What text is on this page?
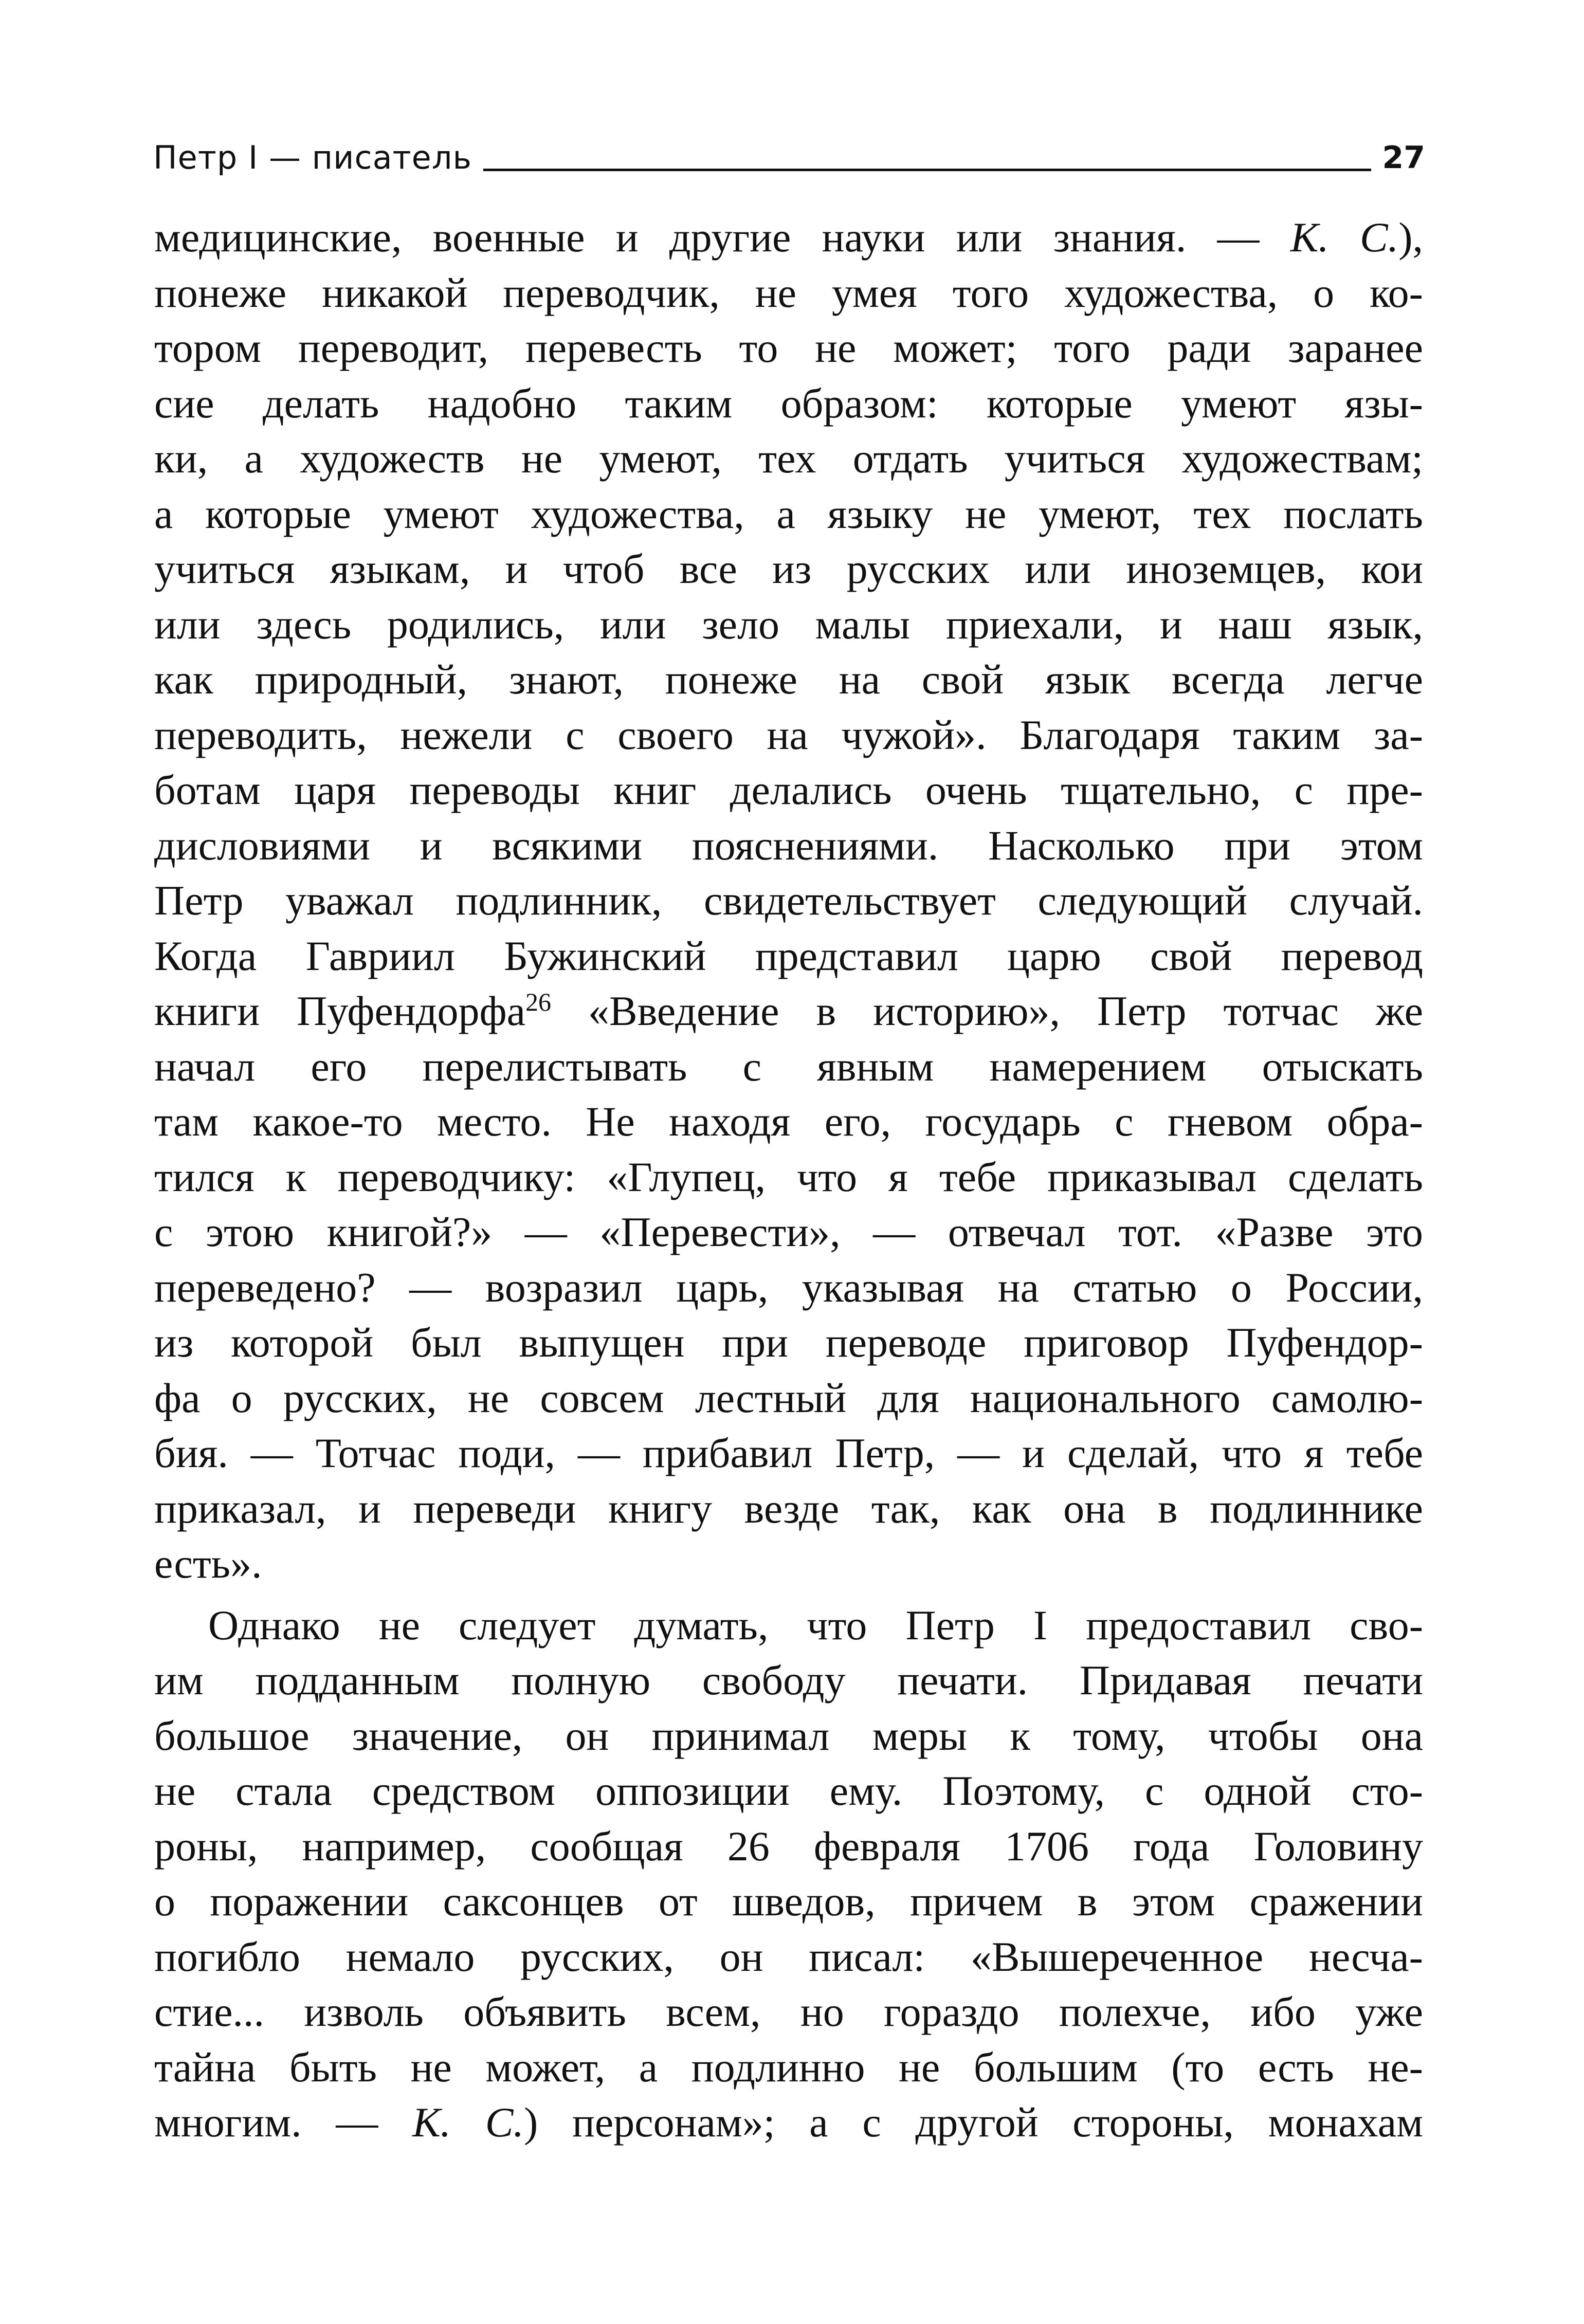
Петр I — писатель	27
медицинские, военные и другие науки или знания. — К. С.),
понеже никакой переводчик, не умея того художества, о ко-
тором переводит, перевесть то не может; того ради заранее
сие делать надобно таким образом: которые умеют язы-
ки, а художеств не умеют, тех отдать учиться художествам;
а которые умеют художества, а языку не умеют, тех послать
учиться языкам, и чтоб все из русских или иноземцев, кои
или здесь родились, или зело малы приехали, и наш язык,
как природный, знают, понеже на свой язык всегда легче
переводить, нежели с своего на чужой». Благодаря таким за-
ботам царя переводы книг делались очень тщательно, с пре-
дисловиями и всякими пояснениями. Насколько при этом
Петр уважал подлинник, свидетельствует следующий случай.
Когда Гавриил Бужинский представил царю свой перевод
книги Пуфендорфа$^{26}$ «Введение в историю», Петр тотчас же
начал его перелистывать с явным намерением отыскать
там какое-то место. Не находя его, государь с гневом обра-
тился к переводчику: «Глупец, что я тебе приказывал сделать
с этою книгой?» — «Перевести», — отвечал тот. «Разве это
переведено? — возразил царь, указывая на статью о России,
из которой был выпущен при переводе приговор Пуфендор-
фа о русских, не совсем лестный для национального самолю-
бия. — Тотчас поди, — прибавил Петр, — и сделай, что я тебе
приказал, и переведи книгу везде так, как она в подлиннике
есть».
Однако не следует думать, что Петр I предоставил сво-
им подданным полную свободу печати. Придавая печати
большое значение, он принимал меры к тому, чтобы она
не стала средством оппозиции ему. Поэтому, с одной сто-
роны, например, сообщая 26 февраля 1706 года Головину
о поражении саксонцев от шведов, причем в этом сражении
погибло немало русских, он писал: «Вышереченное несча-
стие... изволь объявить всем, но гораздо полехче, ибо уже
тайна быть не может, а подлинно не большим (то есть не-
многим. — К. С.) персонам»; а с другой стороны, монахам
